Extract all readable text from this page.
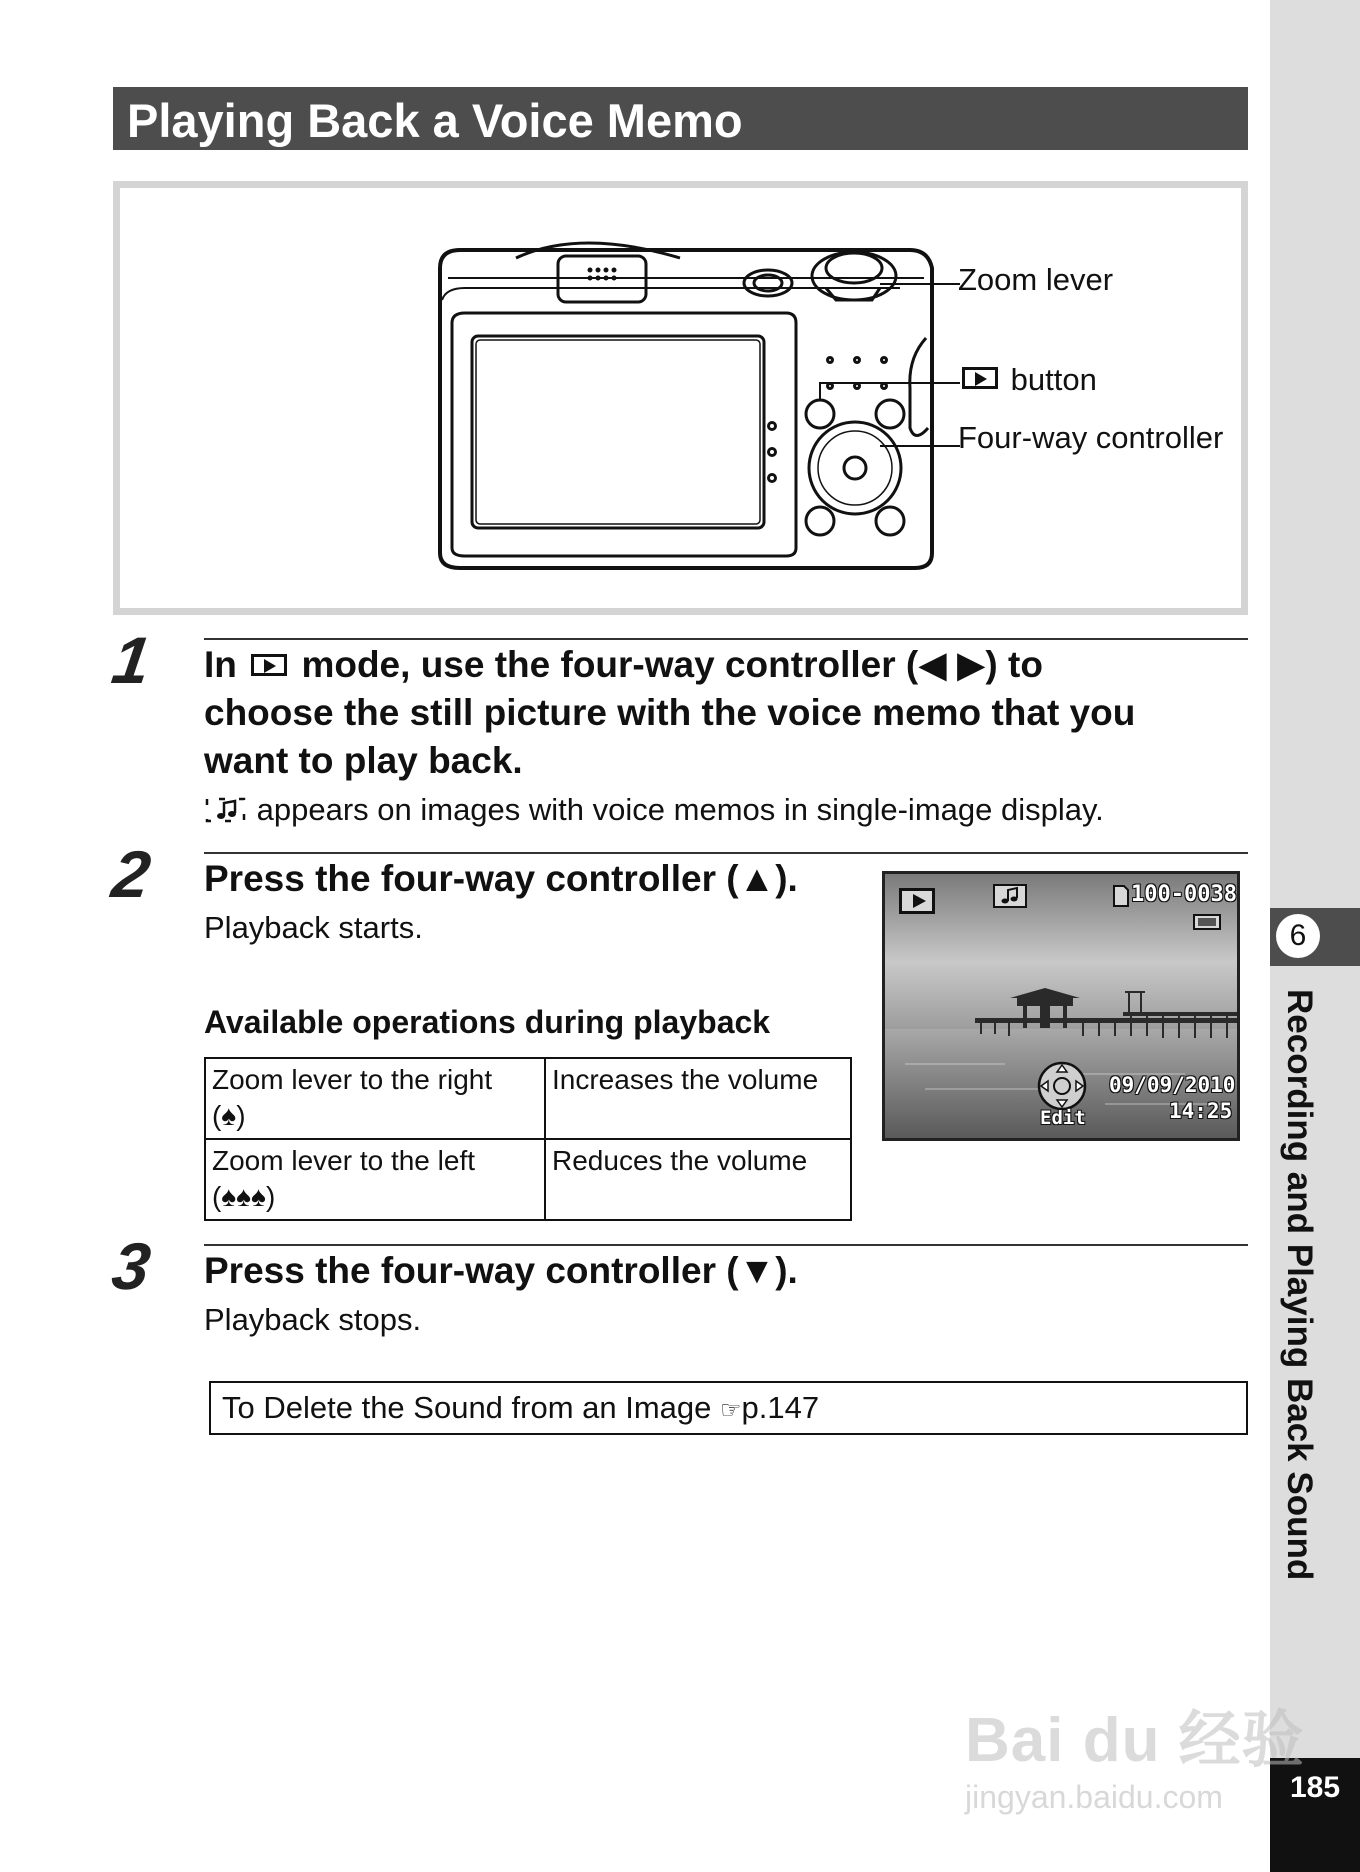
6
Recording and Playing Back Sound
185
Playing Back a Voice Memo
Zoom lever
button
Four-way controller
1 In mode, use the four-way controller (◀ ▶) to
choose the still picture with the voice memo that you
want to play back.
appears on images with voice memos in single-image display.
2 Press the four-way controller (▲).
Playback starts.
Available operations during playback
Zoom lever to the right
(♠)	Increases the volume

Zoom lever to the left
(♠♠♠)	Reduces the volume
100-0038
Edit
09/09/2010
14:25
3 Press the four-way controller (▼).
Playback stops.
To Delete the Sound from an Image ☞p.147
Bai du 经验
jingyan.baidu.com
